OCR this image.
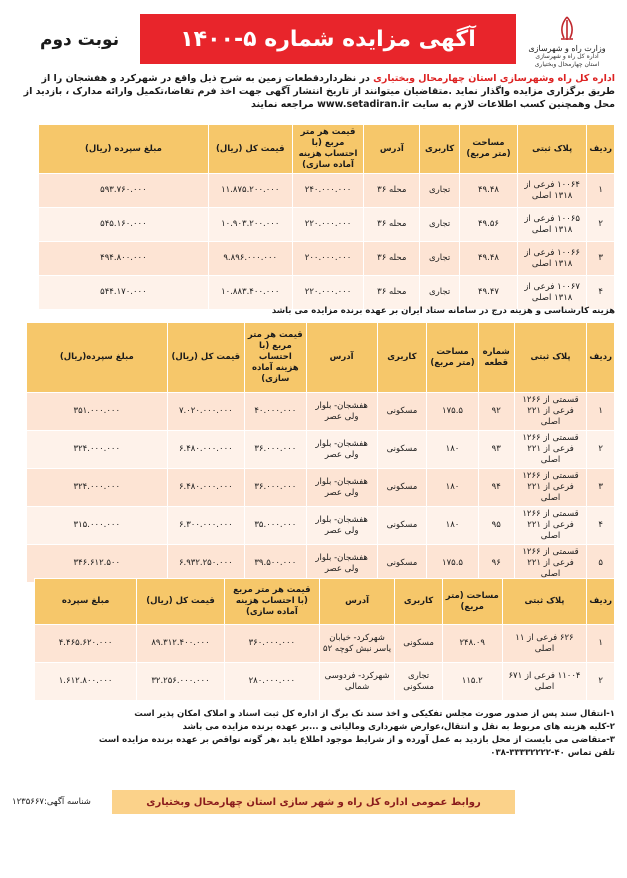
وزارت راه و شهرسازی
اداره کل راه و شهرسازی
استان چهارمحال وبختیاری
آگهی مزایده شماره ۵-۱۴۰۰
نوبت دوم
اداره کل راه وشهرسازی استان چهارمحال وبختیاری در نظرداردقطعات زمین به شرح ذیل واقع در شهرکرد و هفشجان را از طریق برگزاری مزایده واگذار نماید .متقاضیان میتوانند از تاریخ انتشار آگهی جهت اخذ فرم تقاضا،تکمیل وارائه مدارک ، بازدید از محل وهمچنین کسب اطلاعات لازم به سایت www.setadiran.ir مراجعه نمایند
ردیف	پلاک ثبتی	مساحت (متر مربع)	کاربری	آدرس	قیمت هر متر مربع (با احتساب هزینه آماده سازی)	قیمت کل (ریال)	مبلغ سپرده (ریال)
۱	۱۰۰۶۴ فرعی از ۱۳۱۸ اصلی	۴۹.۴۸	تجاری	محله ۳۶	۲۴۰.۰۰۰.۰۰۰	۱۱.۸۷۵.۲۰۰.۰۰۰	۵۹۳.۷۶۰.۰۰۰
۲	۱۰۰۶۵ فرعی از ۱۳۱۸ اصلی	۴۹.۵۶	تجاری	محله ۳۶	۲۲۰.۰۰۰.۰۰۰	۱۰.۹۰۳.۲۰۰.۰۰۰	۵۴۵.۱۶۰.۰۰۰
۳	۱۰۰۶۶ فرعی از ۱۳۱۸ اصلی	۴۹.۴۸	تجاری	محله ۳۶	۲۰۰.۰۰۰.۰۰۰	۹.۸۹۶.۰۰۰.۰۰۰	۴۹۴.۸۰۰.۰۰۰
۴	۱۰۰۶۷ فرعی از ۱۳۱۸ اصلی	۴۹.۴۷	تجاری	محله ۳۶	۲۲۰.۰۰۰.۰۰۰	۱۰.۸۸۳.۴۰۰.۰۰۰	۵۴۴.۱۷۰.۰۰۰
هزینه کارشناسی و هزینه درج در سامانه ستاد ایران بر عهده برنده مزایده می باشد
ردیف	پلاک ثبتی	شماره قطعه	مساحت (متر مربع)	کاربری	آدرس	قیمت هر متر مربع (با احتساب هزینه آماده سازی)	قیمت کل (ریال)	مبلغ سپرده(ریال)
۱	قسمتی از ۱۲۶۶ فرعی از ۲۲۱ اصلی	۹۲	۱۷۵.۵	مسکونی	هفشجان- بلوار ولی عصر	۴۰.۰۰۰.۰۰۰	۷.۰۲۰.۰۰۰.۰۰۰	۳۵۱.۰۰۰.۰۰۰
۲	قسمتی از ۱۲۶۶ فرعی از ۲۲۱ اصلی	۹۳	۱۸۰	مسکونی	هفشجان- بلوار ولی عصر	۳۶.۰۰۰.۰۰۰	۶.۴۸۰.۰۰۰.۰۰۰	۳۲۴.۰۰۰.۰۰۰
۳	قسمتی از ۱۲۶۶ فرعی از ۲۲۱ اصلی	۹۴	۱۸۰	مسکونی	هفشجان- بلوار ولی عصر	۳۶.۰۰۰.۰۰۰	۶.۴۸۰.۰۰۰.۰۰۰	۳۲۴.۰۰۰.۰۰۰
۴	قسمتی از ۱۲۶۶ فرعی از ۲۲۱ اصلی	۹۵	۱۸۰	مسکونی	هفشجان- بلوار ولی عصر	۳۵.۰۰۰.۰۰۰	۶.۳۰۰.۰۰۰.۰۰۰	۳۱۵.۰۰۰.۰۰۰
۵	قسمتی از ۱۲۶۶ فرعی از ۲۲۱ اصلی	۹۶	۱۷۵.۵	مسکونی	هفشجان- بلوار ولی عصر	۳۹.۵۰۰.۰۰۰	۶.۹۳۲.۲۵۰.۰۰۰	۳۴۶.۶۱۲.۵۰۰
ردیف	پلاک ثبتی	مساحت (متر مربع)	کاربری	آدرس	قیمت هر متر مربع (با احتساب هزینه آماده سازی)	قیمت کل (ریال)	مبلغ سپرده
۱	۶۲۶ فرعی از ۱۱ اصلی	۲۴۸.۰۹	مسکونی	شهرکرد- خیابان یاسر نبش کوچه ۵۲	۳۶۰.۰۰۰.۰۰۰	۸۹.۳۱۲.۴۰۰.۰۰۰	۴.۴۶۵.۶۲۰.۰۰۰
۲	۱۱۰۰۴ فرعی از ۶۷۱ اصلی	۱۱۵.۲	تجاری مسکونی	شهرکرد- فردوسی شمالی	۲۸۰.۰۰۰.۰۰۰	۳۲.۲۵۶.۰۰۰.۰۰۰	۱.۶۱۲.۸۰۰.۰۰۰
۱-انتقال سند پس از صدور صورت مجلس تفکیکی و اخذ سند تک برگ از اداره کل ثبت اسناد و املاک امکان پذیر است
۲-کلیه هزینه های مربوط به نقل و انتقال،عوارض شهرداری ومالیاتی و ...بر عهده برنده مزایده می باشد
۳-متقاضی می بایست از محل بازدید به عمل آورده و از شرایط موجود اطلاع یابد ،هر گونه نواقص بر عهده برنده مزایده است
تلفن تماس ۴۰-۳۳۳۳۲۲۲۲-۰۳۸
روابط عمومی اداره کل راه و شهر سازی استان چهارمحال وبختیاری
شناسه آگهی:۱۲۳۵۶۶۷
